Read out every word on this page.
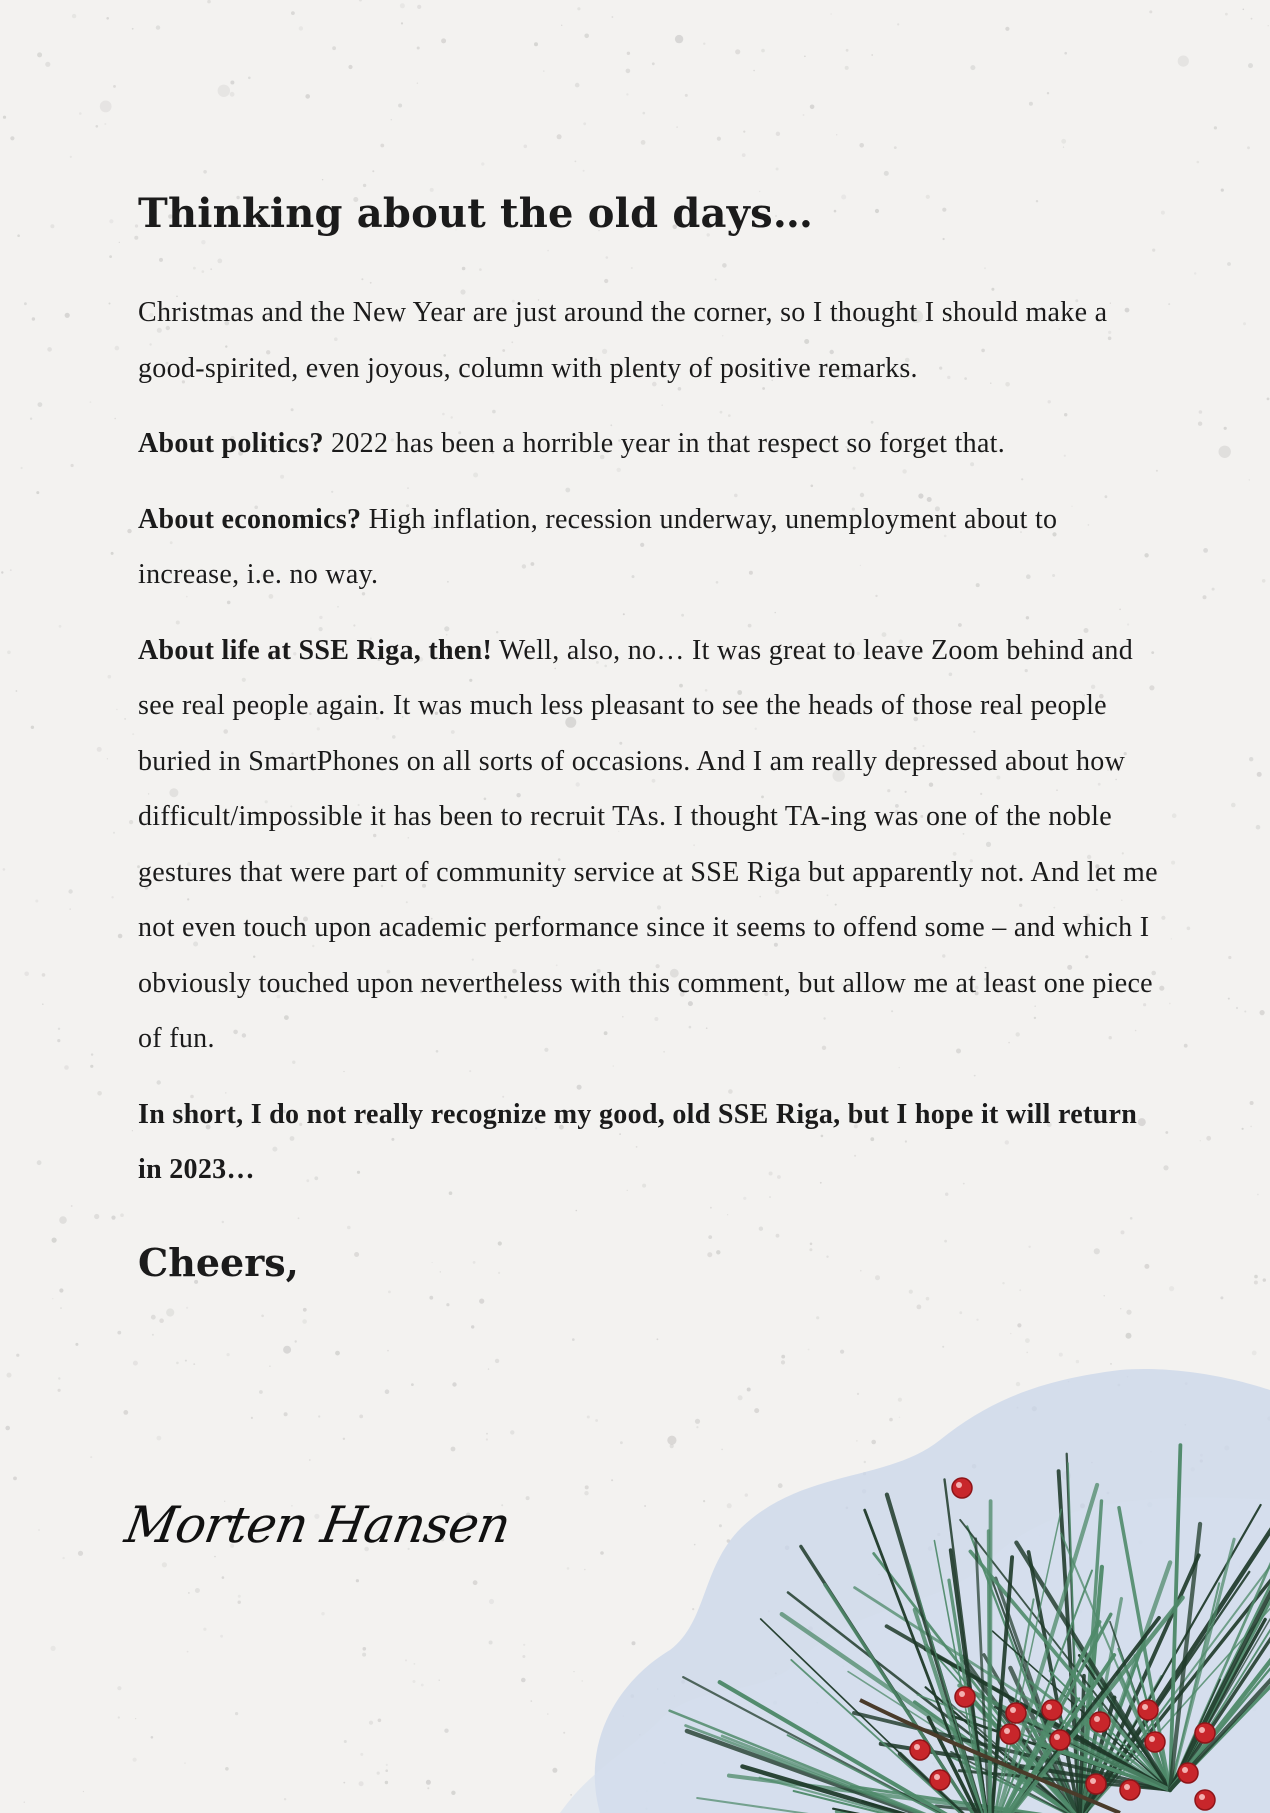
Thinking about the old days…

Christmas and the New Year are just around the corner, so I thought I should make a good-spirited, even joyous, column with plenty of positive remarks.

About politics? 2022 has been a horrible year in that respect so forget that.

About economics? High inflation, recession underway, unemployment about to increase, i.e. no way.

About life at SSE Riga, then! Well, also, no… It was great to leave Zoom behind and see real people again. It was much less pleasant to see the heads of those real people buried in SmartPhones on all sorts of occasions. And I am really depressed about how difficult/impossible it has been to recruit TAs. I thought TA-ing was one of the noble gestures that were part of community service at SSE Riga but apparently not. And let me not even touch upon academic performance since it seems to offend some – and which I obviously touched upon nevertheless with this comment, but allow me at least one piece of fun.

In short, I do not really recognize my good, old SSE Riga, but I hope it will return in 2023…

Cheers,
Morten Hansen
